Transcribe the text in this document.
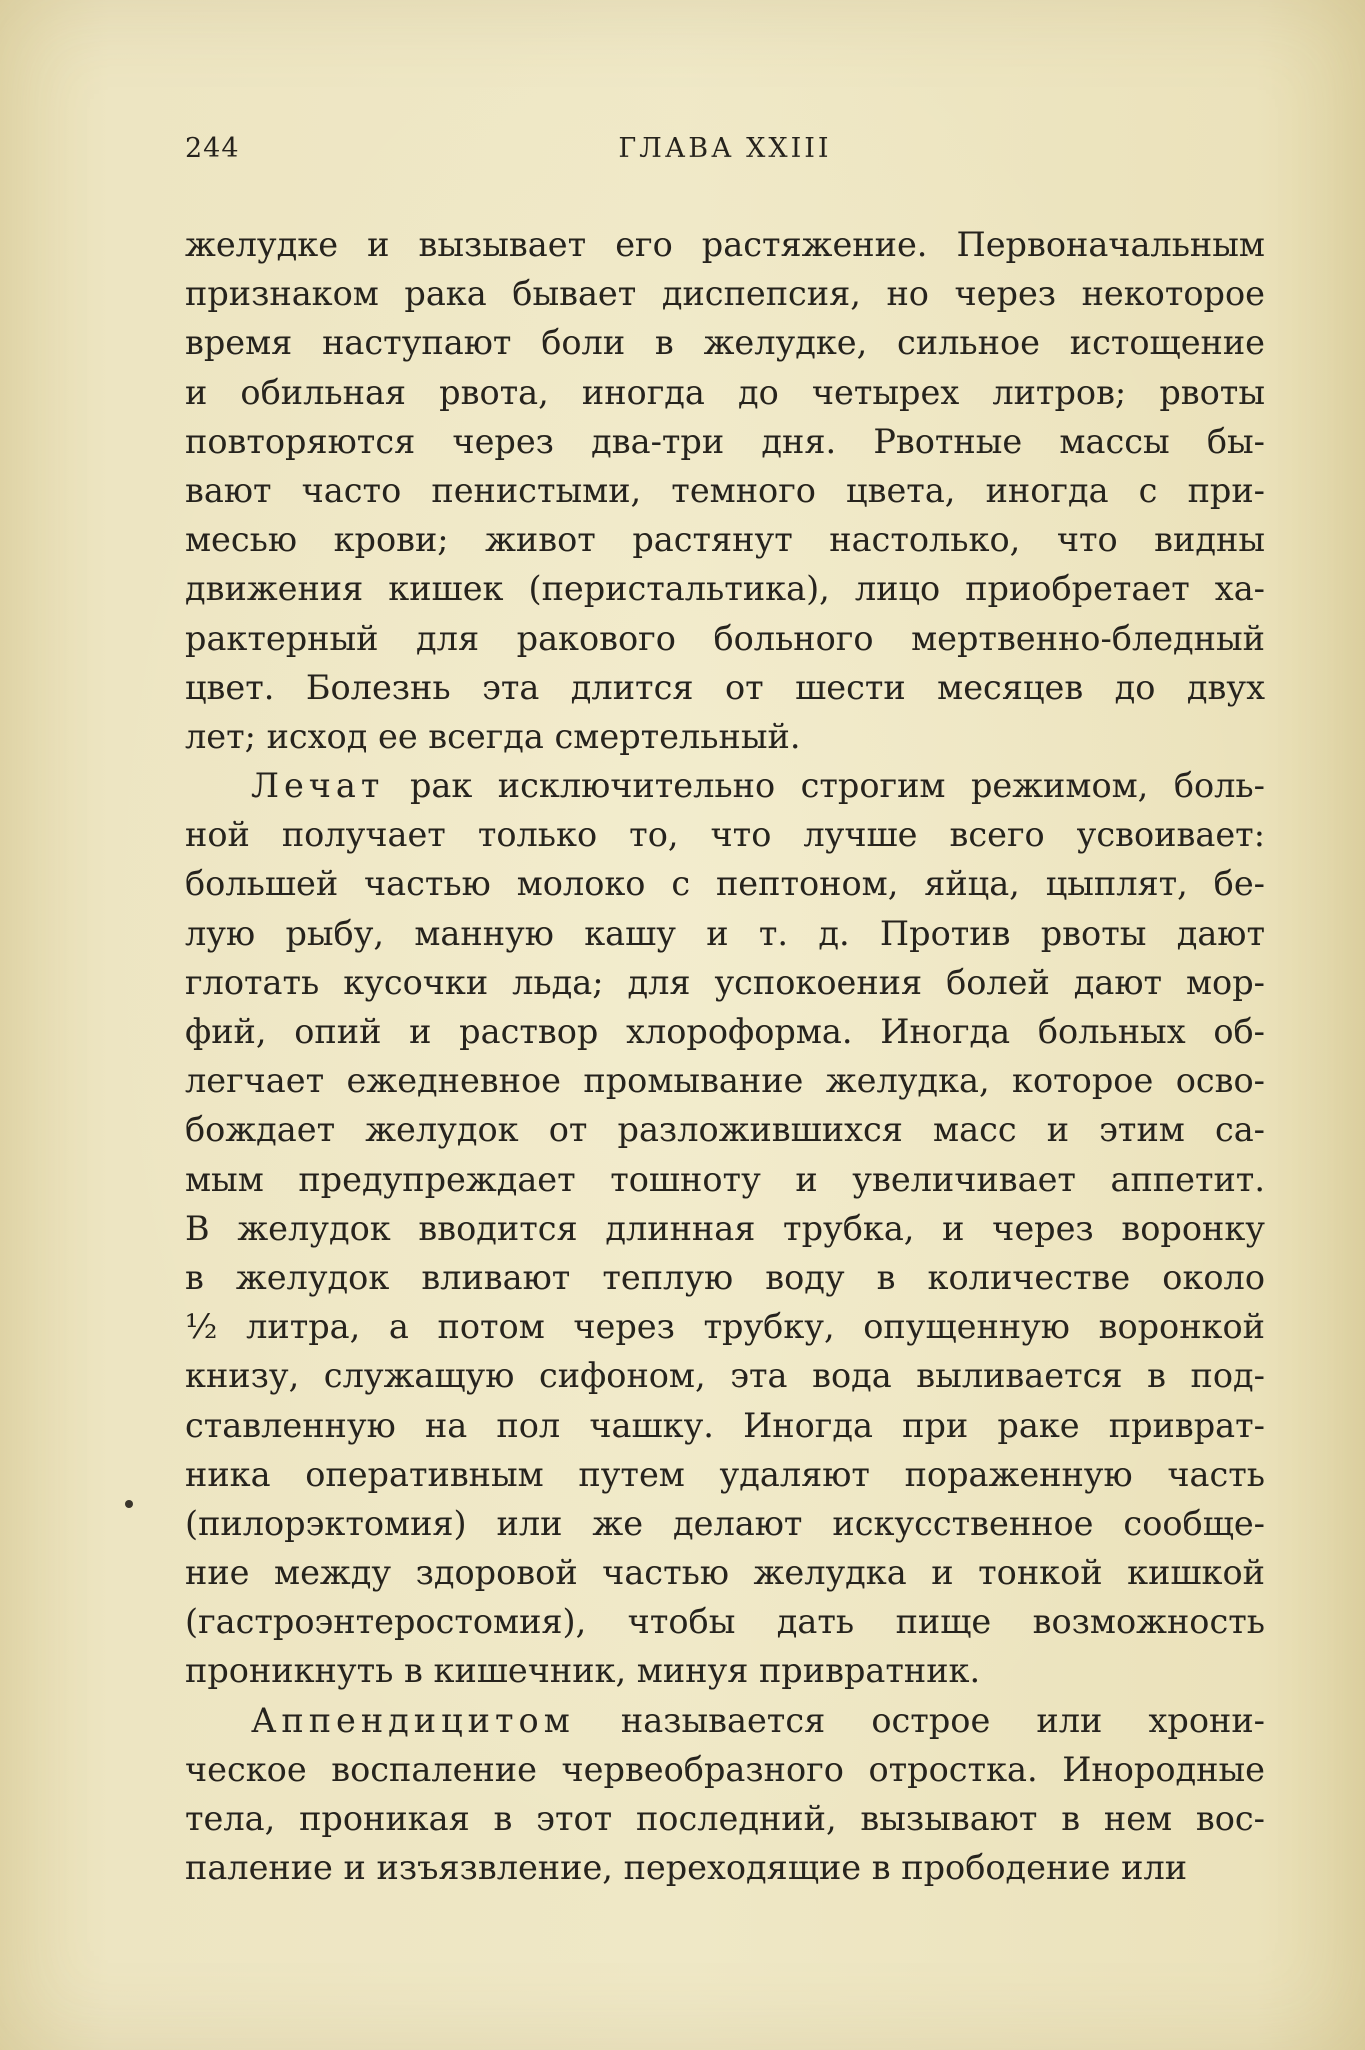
244	ГЛАВА XXIII
желудке и вызывает его растяжение. Первоначальным
признаком рака бывает диспепсия, но через некоторое
время наступают боли в желудке, сильное истощение
и обильная рвота, иногда до четырех литров; рвоты
повторяются через два-три дня. Рвотные массы бы-
вают часто пенистыми, темного цвета, иногда с при-
месью крови; живот растянут настолько, что видны
движения кишек (перистальтика), лицо приобретает ха-
рактерный для ракового больного мертвенно-бледный
цвет. Болезнь эта длится от шести месяцев до двух
лет; исход ее всегда смертельный.
Лечат рак исключительно строгим режимом, боль-
ной получает только то, что лучше всего усвоивает:
большей частью молоко с пептоном, яйца, цыплят, бе-
лую рыбу, манную кашу и т. д. Против рвоты дают
глотать кусочки льда; для успокоения болей дают мор-
фий, опий и раствор хлороформа. Иногда больных об-
легчает ежедневное промывание желудка, которое осво-
бождает желудок от разложившихся масс и этим са-
мым предупреждает тошноту и увеличивает аппетит.
В желудок вводится длинная трубка, и через воронку
в желудок вливают теплую воду в количестве около
½ литра, а потом через трубку, опущенную воронкой
книзу, служащую сифоном, эта вода выливается в под-
ставленную на пол чашку. Иногда при раке приврат-
ника оперативным путем удаляют пораженную часть
(пилорэктомия) или же делают искусственное сообще-
ние между здоровой частью желудка и тонкой кишкой
(гастроэнтеростомия), чтобы дать пище возможность
проникнуть в кишечник, минуя привратник.
Аппендицитом называется острое или хрони-
ческое воспаление червеобразного отростка. Инородные
тела, проникая в этот последний, вызывают в нем вос-
паление и изъязвление, переходящие в прободение или
